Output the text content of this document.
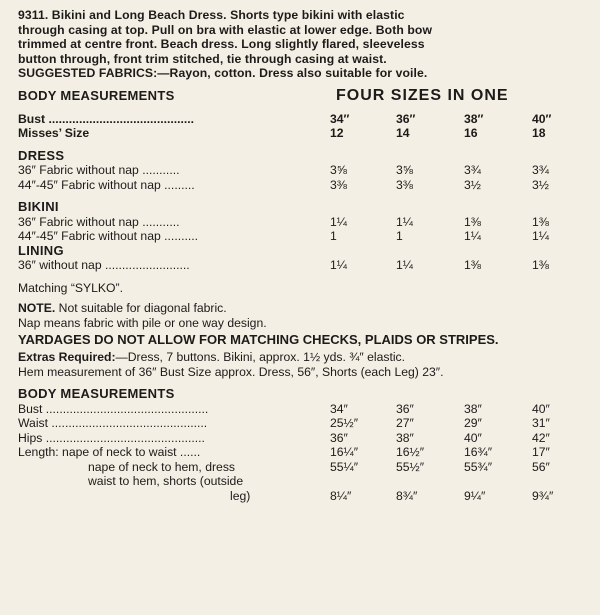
9311. Bikini and Long Beach Dress. Shorts type bikini with elastic

through casing at top. Pull on bra with elastic at lower edge. Both bow

trimmed at centre front. Beach dress. Long slightly flared, sleeveless

button through, front trim stitched, tie through casing at waist.

SUGGESTED FABRICS:—Rayon, cotton. Dress also suitable for voile.

BODY MEASUREMENTS	FOUR SIZES IN ONE
Bust ...........................................	34″	36″	38″	40″
Misses’ Size	12	14	16	18
DRESS
36″ Fabric without nap ...........	3⅝	3⅝	3¾	3¾
44″-45″ Fabric without nap .........	3⅜	3⅜	3½	3½
BIKINI
36″ Fabric without nap ...........	1¼	1¼	1⅜	1⅜
44″-45″ Fabric without nap ..........	1	1	1¼	1¼
LINING
36″ without nap .........................	1¼	1¼	1⅜	1⅜

Matching “SYLKO”.

NOTE. Not suitable for diagonal fabric.

Nap means fabric with pile or one way design.

YARDAGES DO NOT ALLOW FOR MATCHING CHECKS, PLAIDS OR STRIPES.

Extras Required:—Dress, 7 buttons. Bikini, approx. 1½ yds. ¾″ elastic.

Hem measurement of 36″ Bust Size approx. Dress, 56″, Shorts (each Leg) 23″.

BODY MEASUREMENTS
Bust ................................................	34″	36″	38″	40″
Waist ..............................................	25½″	27″	29″	31″
Hips ...............................................	36″	38″	40″	42″
Length: nape of neck to waist ......	16¼″	16½″	16¾″	17″
nape of neck to hem, dress	55¼″	55½″	55¾″	56″
waist to hem, shorts (outside
leg)	8¼″	8¾″	9¼″	9¾″
